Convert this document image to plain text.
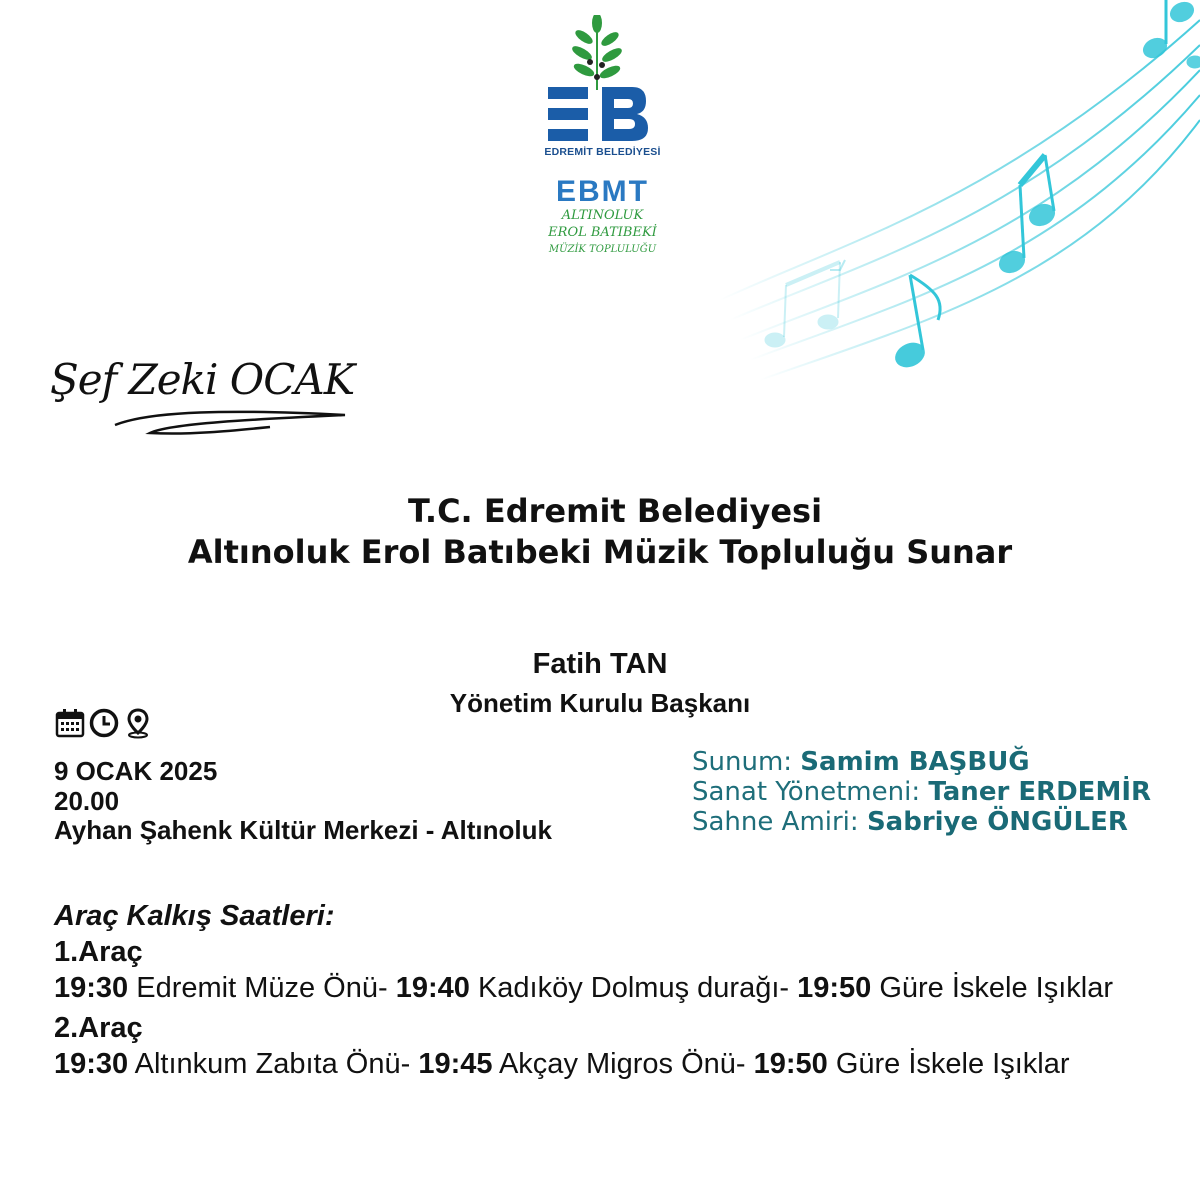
EDREMİT BELEDİYESİ
EBMT
ALTINOLUK
EROL BATIBEKİ
MÜZİK TOPLULUĞU
Şef Zeki OCAK
T.C. Edremit Belediyesi
Altınoluk Erol Batıbeki Müzik Topluluğu Sunar
Fatih TAN
Yönetim Kurulu Başkanı
9 OCAK 2025
20.00
Ayhan Şahenk Kültür Merkezi - Altınoluk
Sunum: Samim BAŞBUĞ
Sanat Yönetmeni: Taner ERDEMİR
Sahne Amiri: Sabriye ÖNGÜLER
Araç Kalkış Saatleri:
1.Araç
19:30 Edremit Müze Önü- 19:40 Kadıköy Dolmuş durağı- 19:50 Güre İskele Işıklar
2.Araç
19:30 Altınkum Zabıta Önü- 19:45 Akçay Migros Önü- 19:50 Güre İskele Işıklar
